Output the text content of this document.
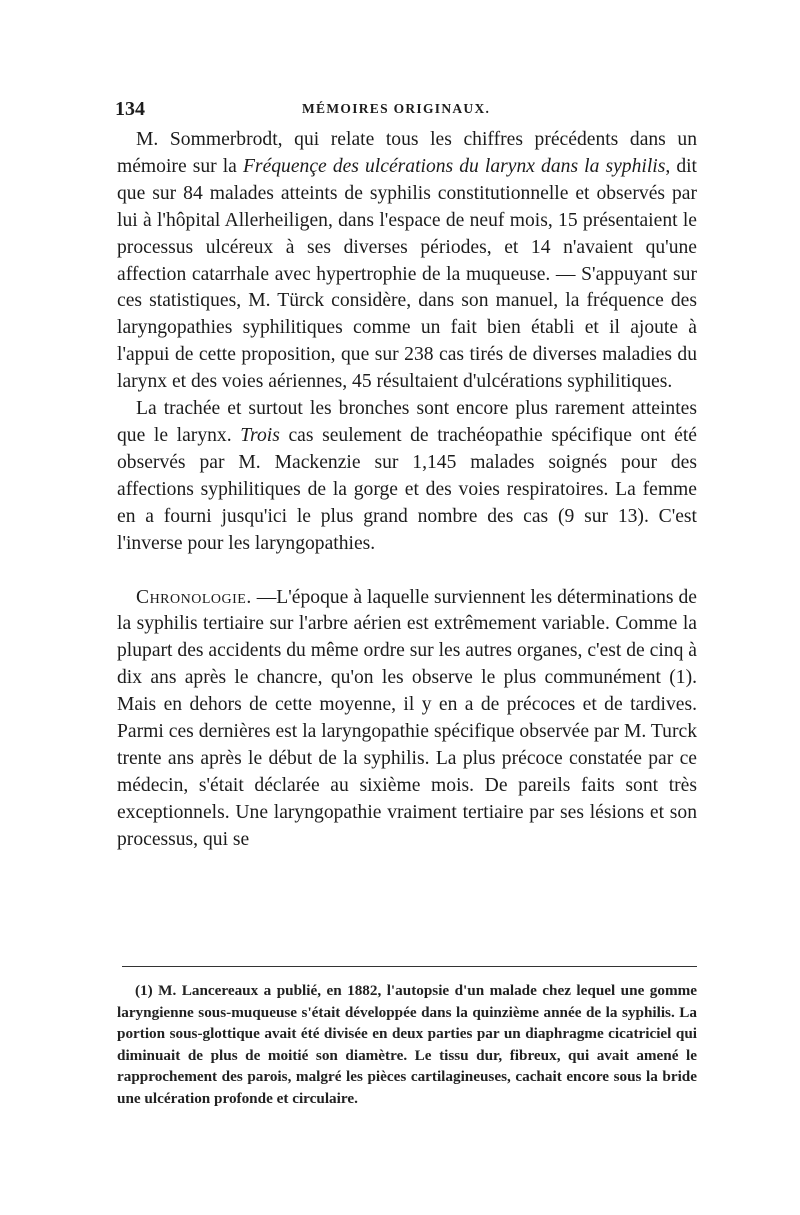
134	MÉMOIRES ORIGINAUX.

M. Sommerbrodt, qui relate tous les chiffres précédents dans un mémoire sur la Fréquençe des ulcérations du larynx dans la syphilis, dit que sur 84 malades atteints de syphilis constitutionnelle et observés par lui à l'hôpital Allerheiligen, dans l'espace de neuf mois, 15 présentaient le processus ulcéreux à ses diverses périodes, et 14 n'avaient qu'une affection catarrhale avec hypertrophie de la muqueuse. — S'appuyant sur ces statistiques, M. Türck considère, dans son manuel, la fréquence des laryngopathies syphilitiques comme un fait bien établi et il ajoute à l'appui de cette proposition, que sur 238 cas tirés de diverses maladies du larynx et des voies aériennes, 45 résultaient d'ulcérations syphilitiques.

La trachée et surtout les bronches sont encore plus rarement atteintes que le larynx. Trois cas seulement de trachéopathie spécifique ont été observés par M. Mackenzie sur 1,145 malades soignés pour des affections syphilitiques de la gorge et des voies respiratoires. La femme en a fourni jusqu'ici le plus grand nombre des cas (9 sur 13). C'est l'inverse pour les laryngopathies.

Chronologie. —L'époque à laquelle surviennent les déterminations de la syphilis tertiaire sur l'arbre aérien est extrêmement variable. Comme la plupart des accidents du même ordre sur les autres organes, c'est de cinq à dix ans après le chancre, qu'on les observe le plus communément (1). Mais en dehors de cette moyenne, il y en a de précoces et de tardives. Parmi ces dernières est la laryngopathie spécifique observée par M. Turck trente ans après le début de la syphilis. La plus précoce constatée par ce médecin, s'était déclarée au sixième mois. De pareils faits sont très exceptionnels. Une laryngopathie vraiment tertiaire par ses lésions et son processus, qui se

(1) M. Lancereaux a publié, en 1882, l'autopsie d'un malade chez lequel une gomme laryngienne sous-muqueuse s'était développée dans la quinzième année de la syphilis. La portion sous-glottique avait été divisée en deux parties par un diaphragme cicatriciel qui diminuait de plus de moitié son diamètre. Le tissu dur, fibreux, qui avait amené le rapprochement des parois, malgré les pièces cartilagineuses, cachait encore sous la bride une ulcération profonde et circulaire.
